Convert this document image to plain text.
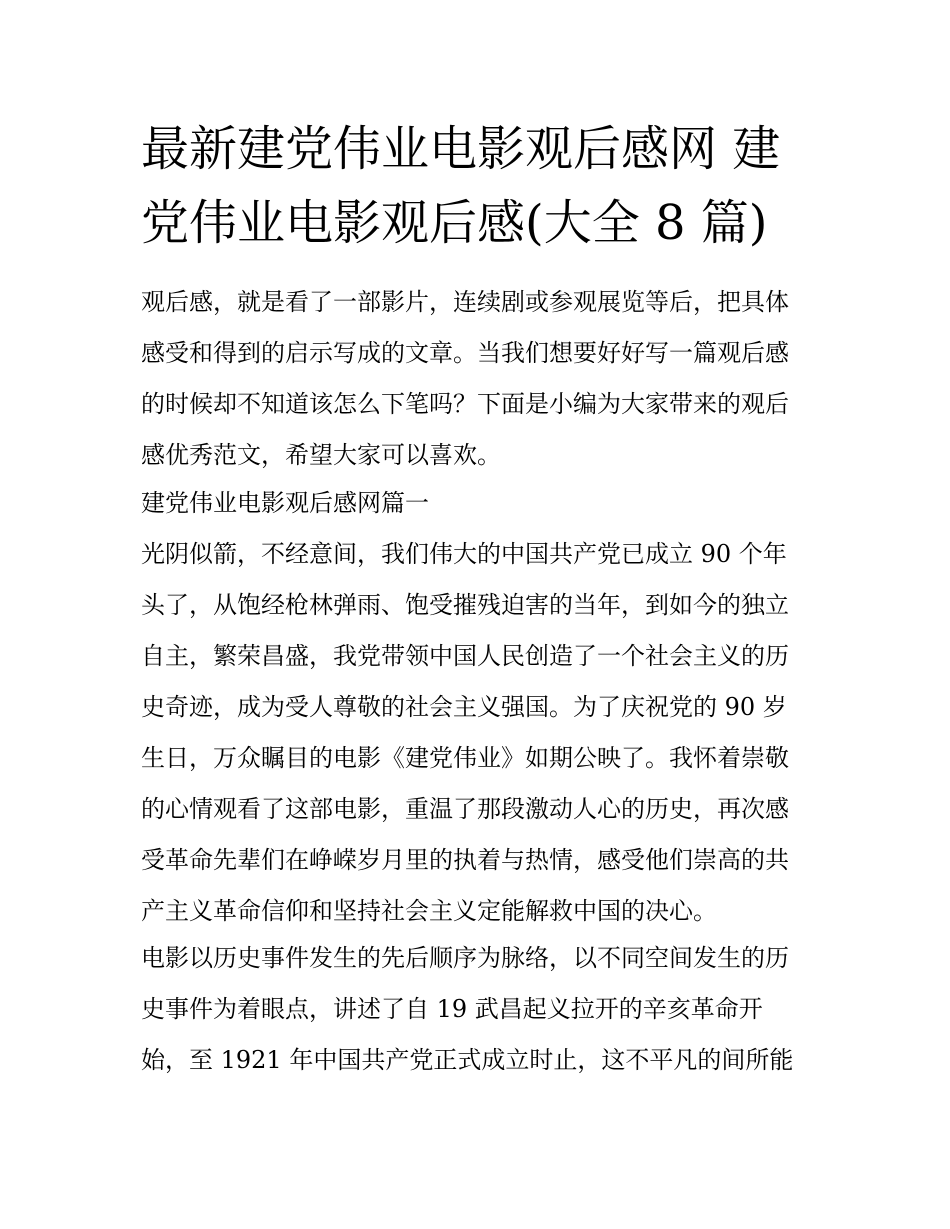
最新建党伟业电影观后感网 建
党伟业电影观后感(大全 8 篇)
观后感，就是看了一部影片，连续剧或参观展览等后，把具体
感受和得到的启示写成的文章。当我们想要好好写一篇观后感
的时候却不知道该怎么下笔吗？下面是小编为大家带来的观后
感优秀范文，希望大家可以喜欢。
建党伟业电影观后感网篇一
光阴似箭，不经意间，我们伟大的中国共产党已成立 90 个年
头了，从饱经枪林弹雨、饱受摧残迫害的当年，到如今的独立
自主，繁荣昌盛，我党带领中国人民创造了一个社会主义的历
史奇迹，成为受人尊敬的社会主义强国。为了庆祝党的 90 岁
生日，万众瞩目的电影《建党伟业》如期公映了。我怀着崇敬
的心情观看了这部电影，重温了那段激动人心的历史，再次感
受革命先辈们在峥嵘岁月里的执着与热情，感受他们崇高的共
产主义革命信仰和坚持社会主义定能解救中国的决心。
电影以历史事件发生的先后顺序为脉络，以不同空间发生的历
史事件为着眼点，讲述了自 19 武昌起义拉开的辛亥革命开
始，至 1921 年中国共产党正式成立时止，这不平凡的间所能
